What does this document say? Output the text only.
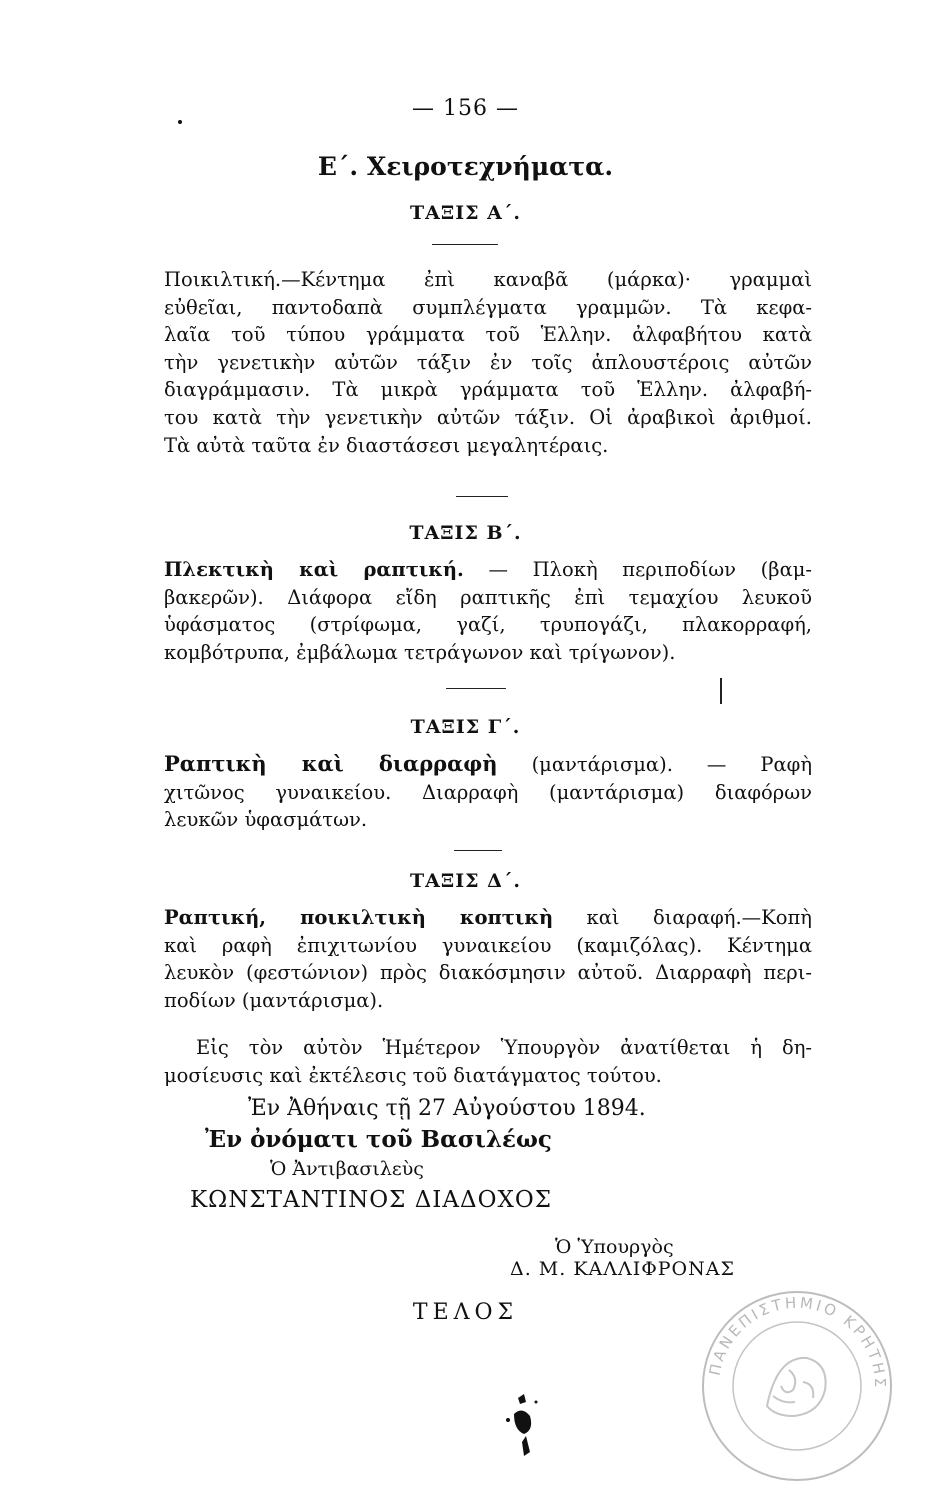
— 156 —
Ε΄. Χειροτεχνήματα.
ΤΑΞΙΣ Α΄.
Ποικιλτική.—Κέντημα ἐπὶ καναβᾶ (μάρκα)· γραμμαὶ
εὐθεῖαι, παντοδαπὰ συμπλέγματα γραμμῶν. Τὰ κεφα-
λαῖα τοῦ τύπου γράμματα τοῦ Ἑλλην. ἀλφαβήτου κατὰ
τὴν γενετικὴν αὐτῶν τάξιν ἐν τοῖς ἁπλουστέροις αὐτῶν
διαγράμμασιν. Τὰ μικρὰ γράμματα τοῦ Ἑλλην. ἀλφαβή-
του κατὰ τὴν γενετικὴν αὐτῶν τάξιν. Οἱ ἀραβικοὶ ἀριθμοί.
Τὰ αὐτὰ ταῦτα ἐν διαστάσεσι μεγαλητέραις.
ΤΑΞΙΣ Β΄.
Πλεκτικὴ καὶ ραπτική. — Πλοκὴ περιποδίων (βαμ-
βακερῶν). Διάφορα εἴδη ραπτικῆς ἐπὶ τεμαχίου λευκοῦ
ὑφάσματος (στρίφωμα, γαζί, τρυπογάζι, πλακορραφή,
κομβότρυπα, ἐμβάλωμα τετράγωνον καὶ τρίγωνον).
ΤΑΞΙΣ Γ΄.
Ραπτικὴ καὶ διαρραφὴ (μαντάρισμα). — Ραφὴ
χιτῶνος γυναικείου. Διαρραφὴ (μαντάρισμα) διαφόρων
λευκῶν ὑφασμάτων.
ΤΑΞΙΣ Δ΄.
Ραπτική, ποικιλτικὴ κοπτικὴ καὶ διαραφή.—Κοπὴ
καὶ ραφὴ ἐπιχιτωνίου γυναικείου (καμιζόλας). Κέντημα
λευκὸν (φεστώνιον) πρὸς διακόσμησιν αὐτοῦ. Διαρραφὴ περι-
ποδίων (μαντάρισμα).
Εἰς τὸν αὐτὸν Ἡμέτερον Ὑπουργὸν ἀνατίθεται ἡ δη-
μοσίευσις καὶ ἐκτέλεσις τοῦ διατάγματος τούτου.
Ἐν Ἀθήναις τῇ 27 Αὐγούστου 1894.
Ἐν ὀνόματι τοῦ Βασιλέως
Ὁ Ἀντιβασιλεὺς
ΚΩΝΣΤΑΝΤΙΝΟΣ ΔΙΑΔΟΧΟΣ
Ὁ Ὑπουργὸς
Δ. Μ. ΚΑΛΛΙΦΡΟΝΑΣ
ΤΕΛΟΣ
ΠΑΝΕΠΙΣΤΗΜΙΟ ΚΡΗΤΗΣ
